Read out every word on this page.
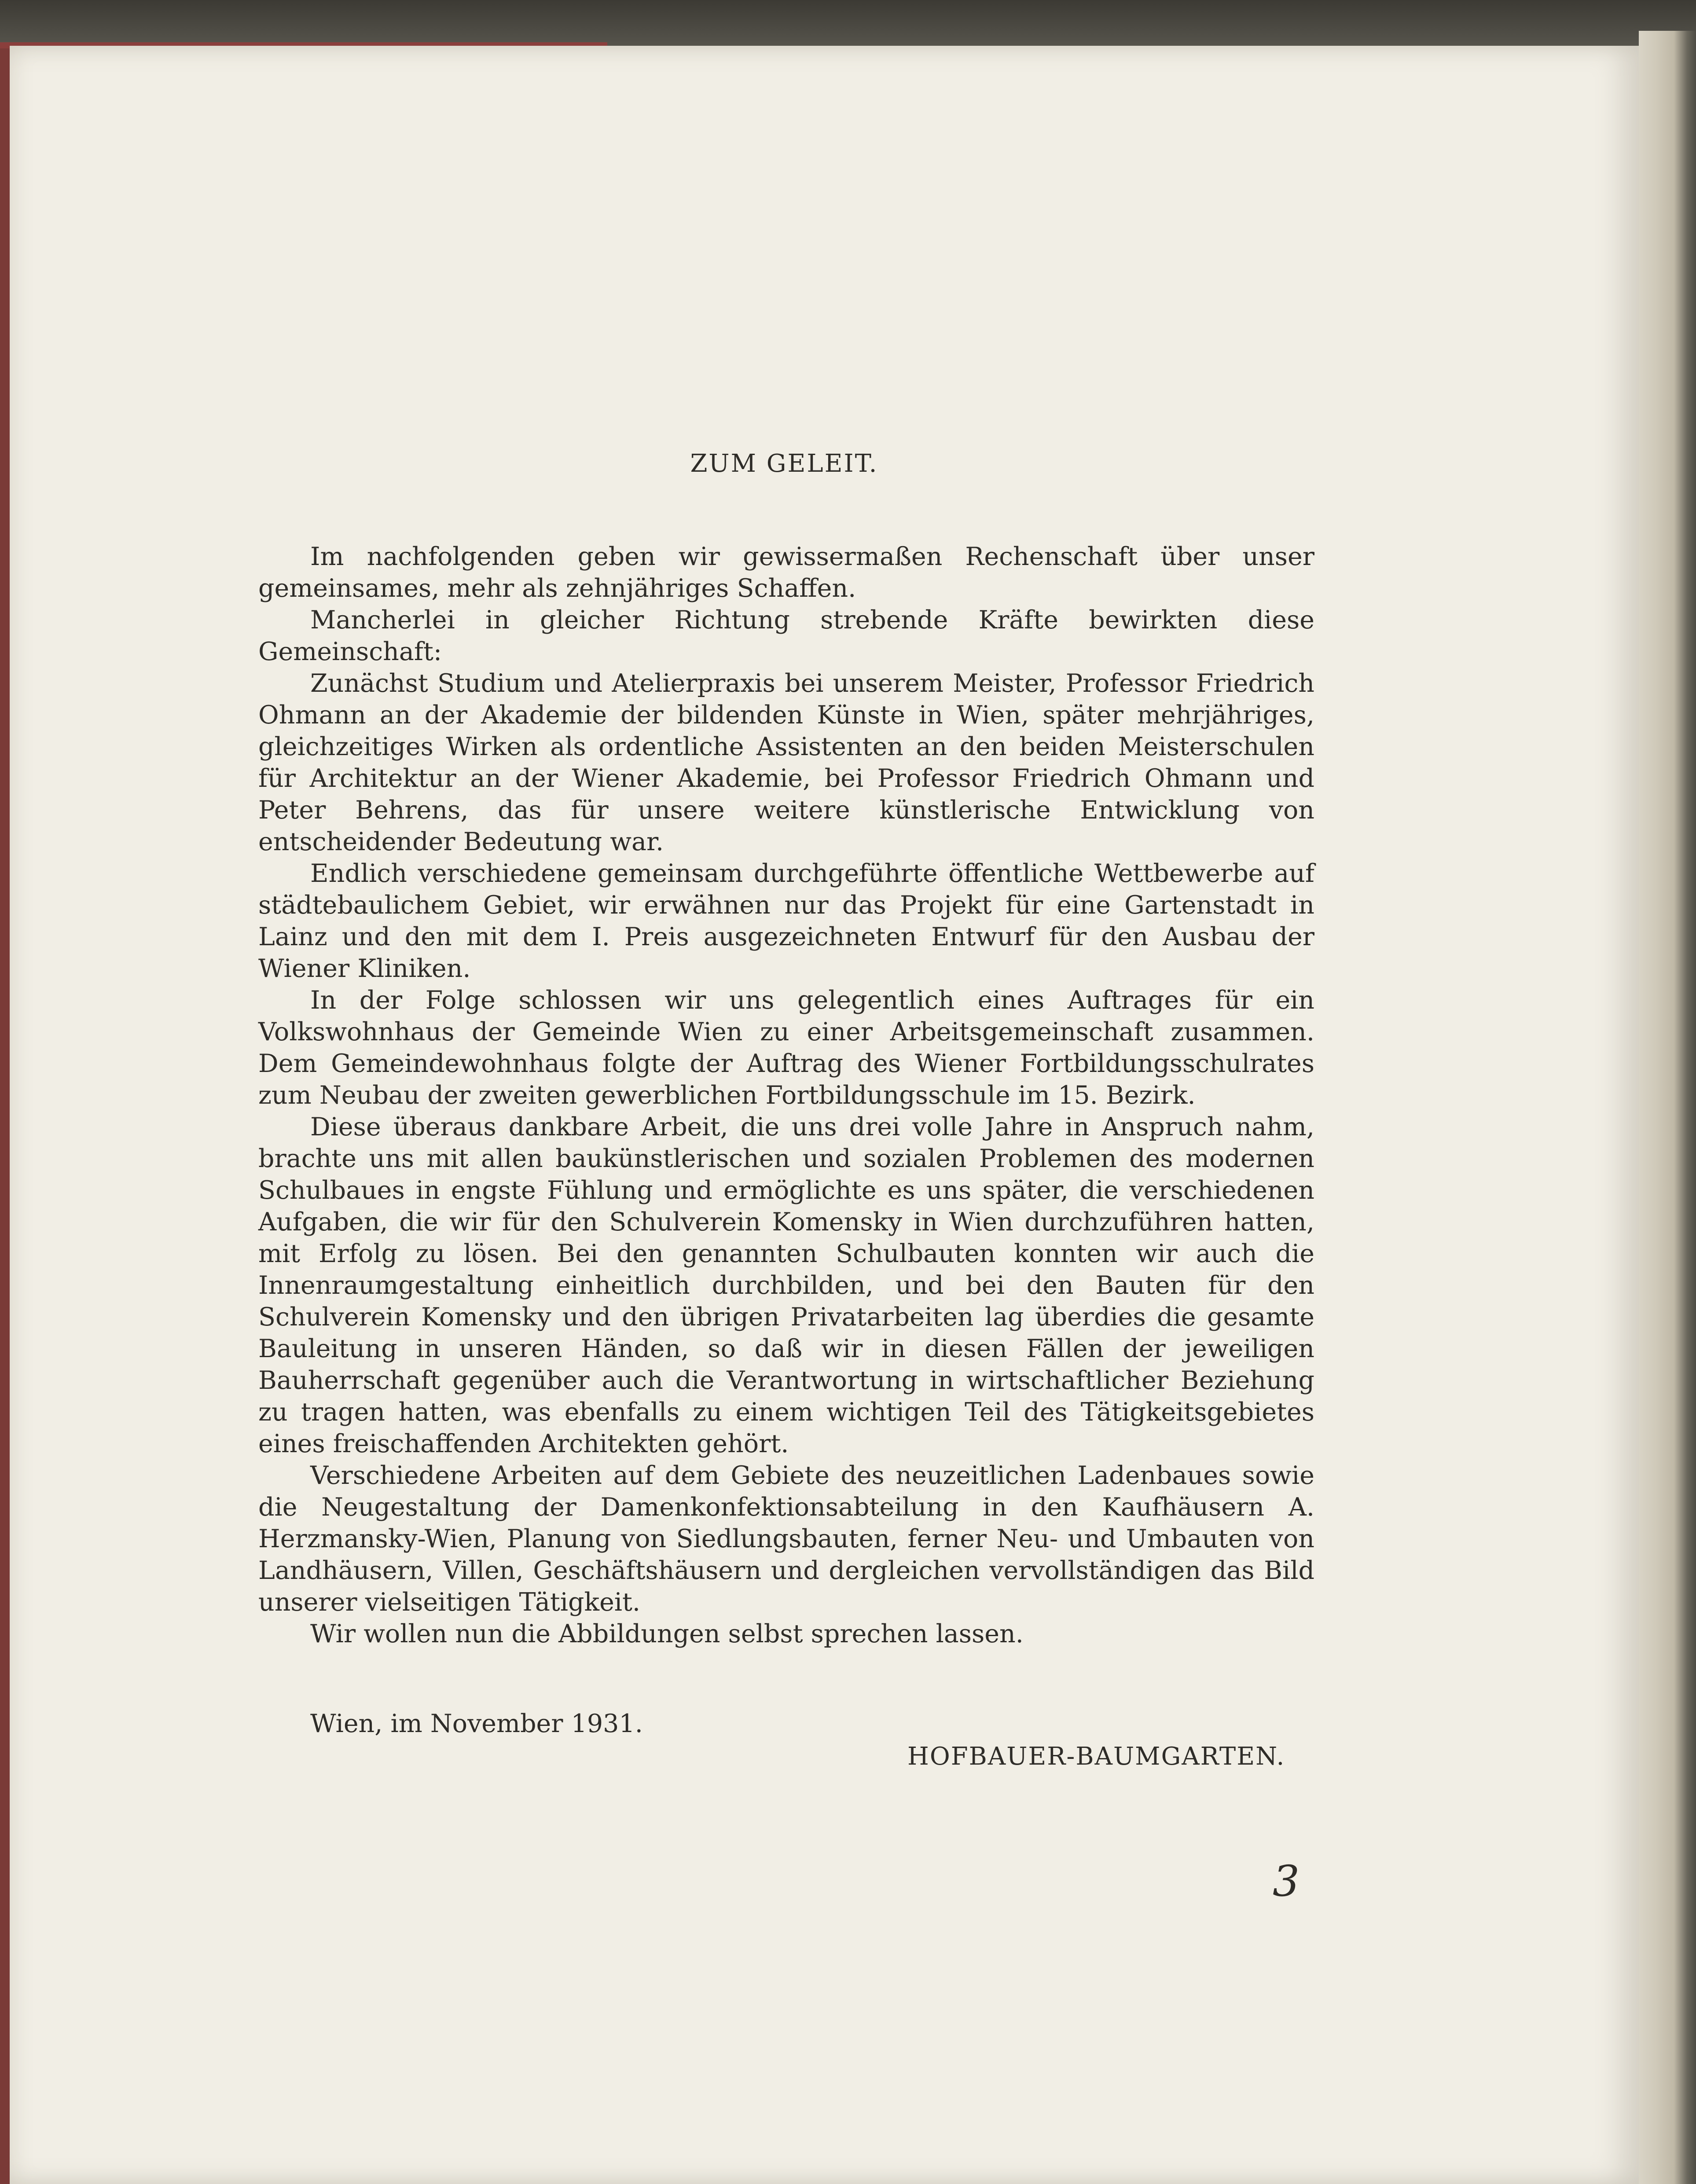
ZUM GELEIT.

Im nachfolgenden geben wir gewissermaßen Rechenschaft über unser gemeinsames, mehr als zehnjähriges Schaffen.

Mancherlei in gleicher Richtung strebende Kräfte bewirkten diese Gemeinschaft:

Zunächst Studium und Atelierpraxis bei unserem Meister, Professor Friedrich Ohmann an der Akademie der bildenden Künste in Wien, später mehrjähriges, gleichzeitiges Wirken als ordentliche Assistenten an den beiden Meisterschulen für Architektur an der Wiener Akademie, bei Professor Friedrich Ohmann und Peter Behrens, das für unsere weitere künstlerische Entwicklung von entscheidender Bedeutung war.

Endlich verschiedene gemeinsam durchgeführte öffentliche Wettbewerbe auf städtebaulichem Gebiet, wir erwähnen nur das Projekt für eine Gartenstadt in Lainz und den mit dem I. Preis ausgezeichneten Entwurf für den Ausbau der Wiener Kliniken.

In der Folge schlossen wir uns gelegentlich eines Auftrages für ein Volkswohnhaus der Gemeinde Wien zu einer Arbeitsgemeinschaft zusammen. Dem Gemeindewohnhaus folgte der Auftrag des Wiener Fortbildungsschulrates zum Neubau der zweiten gewerblichen Fortbildungsschule im 15. Bezirk.

Diese überaus dankbare Arbeit, die uns drei volle Jahre in Anspruch nahm, brachte uns mit allen baukünstlerischen und sozialen Problemen des modernen Schulbaues in engste Fühlung und ermöglichte es uns später, die verschiedenen Aufgaben, die wir für den Schulverein Komensky in Wien durchzuführen hatten, mit Erfolg zu lösen. Bei den genannten Schulbauten konnten wir auch die Innenraumgestaltung einheitlich durchbilden, und bei den Bauten für den Schulverein Komensky und den übrigen Privatarbeiten lag überdies die gesamte Bauleitung in unseren Händen, so daß wir in diesen Fällen der jeweiligen Bauherrschaft gegenüber auch die Verantwortung in wirtschaftlicher Beziehung zu tragen hatten, was ebenfalls zu einem wichtigen Teil des Tätigkeitsgebietes eines freischaffenden Architekten gehört.

Verschiedene Arbeiten auf dem Gebiete des neuzeitlichen Ladenbaues sowie die Neugestaltung der Damenkonfektionsabteilung in den Kaufhäusern A. Herzmansky-Wien, Planung von Siedlungsbauten, ferner Neu- und Umbauten von Landhäusern, Villen, Geschäftshäusern und dergleichen vervollständigen das Bild unserer vielseitigen Tätigkeit.

Wir wollen nun die Abbildungen selbst sprechen lassen.

Wien, im November 1931.
HOFBAUER-BAUMGARTEN.
3
